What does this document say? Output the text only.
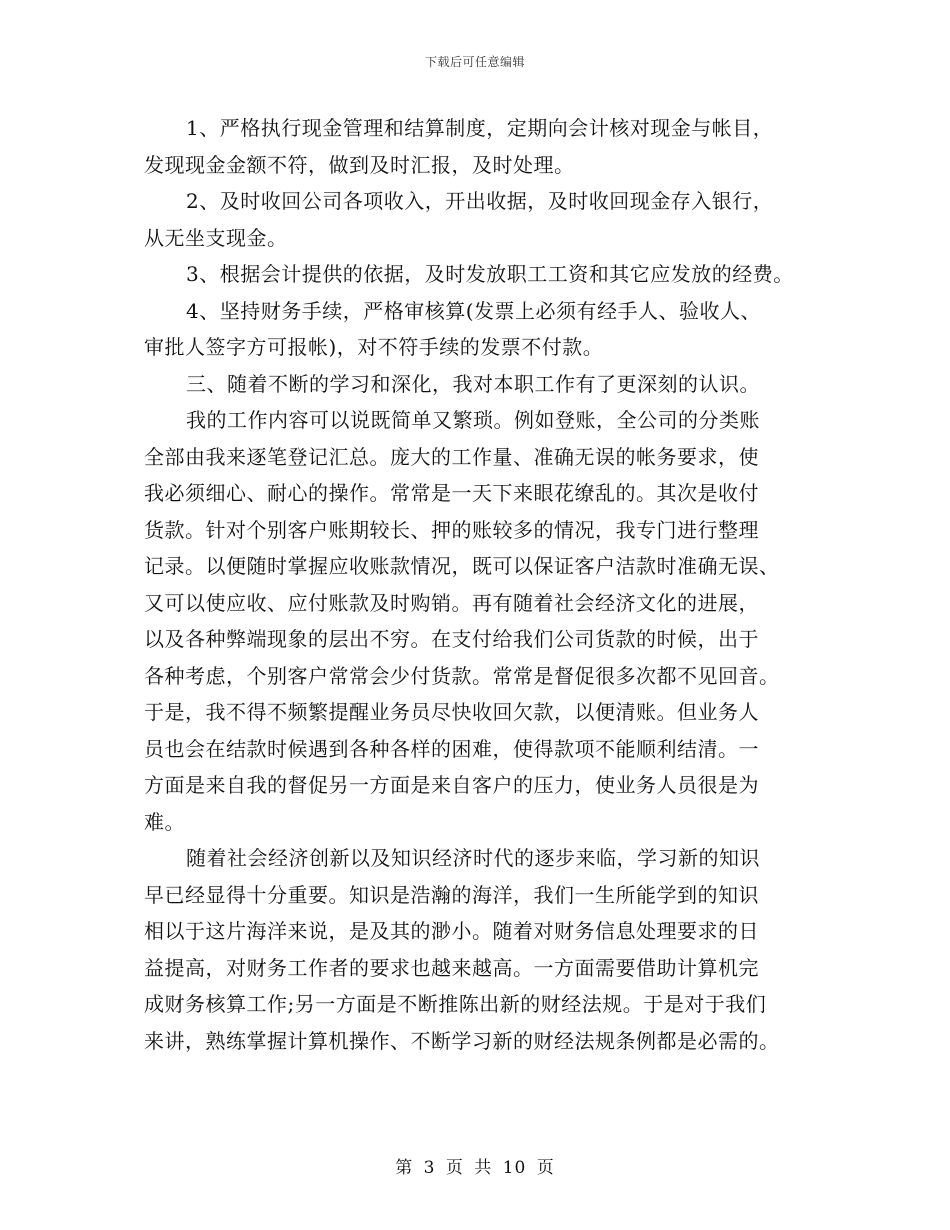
下载后可任意编辑
1、严格执行现金管理和结算制度，定期向会计核对现金与帐目，
发现现金金额不符，做到及时汇报，及时处理。
2、及时收回公司各项收入，开出收据，及时收回现金存入银行，
从无坐支现金。
3、根据会计提供的依据，及时发放职工工资和其它应发放的经费。
4、坚持财务手续，严格审核算(发票上必须有经手人、验收人、
审批人签字方可报帐)，对不符手续的发票不付款。
三、随着不断的学习和深化，我对本职工作有了更深刻的认识。
我的工作内容可以说既简单又繁琐。例如登账，全公司的分类账
全部由我来逐笔登记汇总。庞大的工作量、准确无误的帐务要求，使
我必须细心、耐心的操作。常常是一天下来眼花缭乱的。其次是收付
货款。针对个别客户账期较长、押的账较多的情况，我专门进行整理
记录。以便随时掌握应收账款情况，既可以保证客户洁款时准确无误、
又可以使应收、应付账款及时购销。再有随着社会经济文化的进展，
以及各种弊端现象的层出不穷。在支付给我们公司货款的时候，出于
各种考虑，个别客户常常会少付货款。常常是督促很多次都不见回音。
于是，我不得不频繁提醒业务员尽快收回欠款，以便清账。但业务人
员也会在结款时候遇到各种各样的困难，使得款项不能顺利结清。一
方面是来自我的督促另一方面是来自客户的压力，使业务人员很是为
难。
随着社会经济创新以及知识经济时代的逐步来临，学习新的知识
早已经显得十分重要。知识是浩瀚的海洋，我们一生所能学到的知识
相以于这片海洋来说，是及其的渺小。随着对财务信息处理要求的日
益提高，对财务工作者的要求也越来越高。一方面需要借助计算机完
成财务核算工作;另一方面是不断推陈出新的财经法规。于是对于我们
来讲，熟练掌握计算机操作、不断学习新的财经法规条例都是必需的。
第 3 页 共 10 页
